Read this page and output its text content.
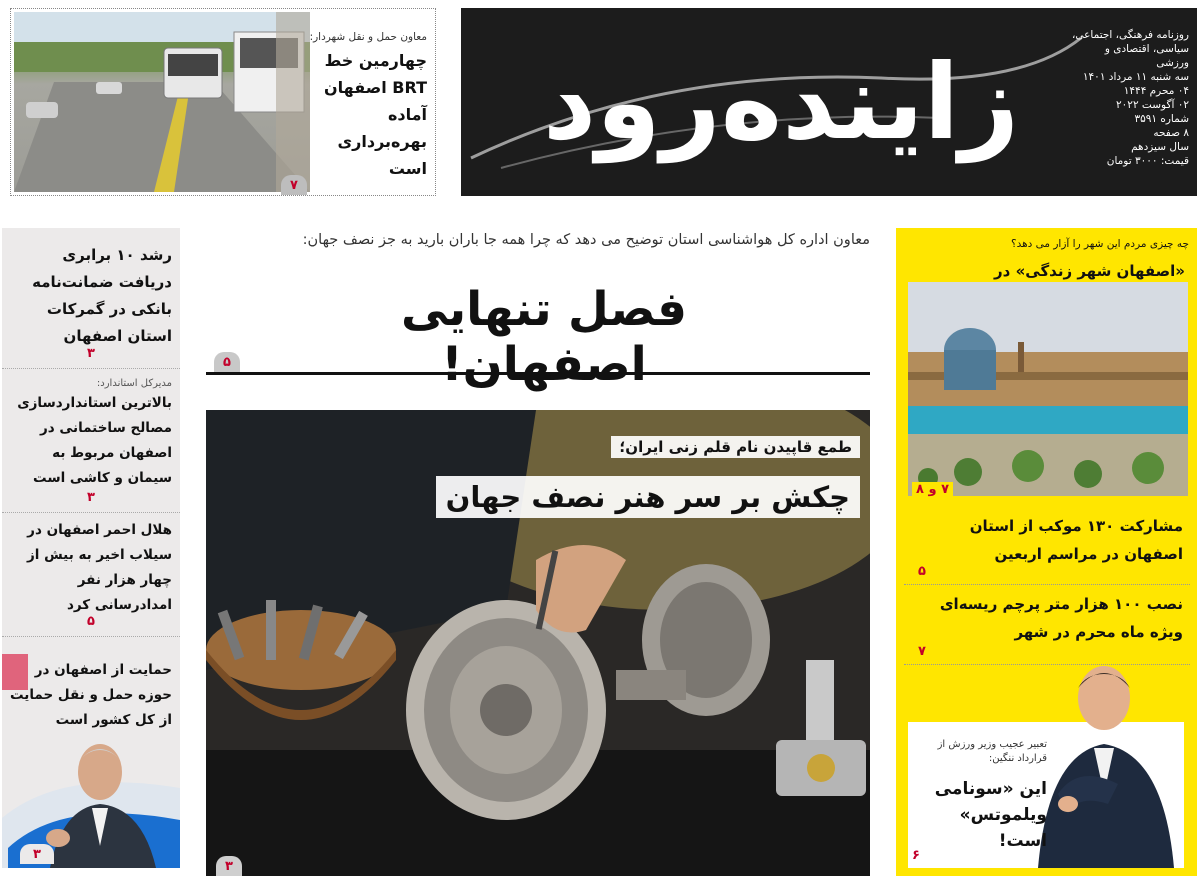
زاینده‌رود
روزنامه فرهنگی، اجتماعی،
سیاسی، اقتصادی و ورزشی
سه شنبه ۱۱ مرداد ۱۴۰۱
۰۴ محرم ۱۴۴۴
۰۲ آگوست ۲۰۲۲
شماره ۳۵۹۱
۸ صفحه
سال سیزدهم
قیمت: ۳۰۰۰ تومان
معاون حمل و نقل شهردار:
چهارمین خط BRT اصفهان آماده بهره‌برداری است
۷
رشد ۱۰ برابری دریافت ضمانت‌نامه بانکی در گمرکات استان اصفهان
۳
مدیرکل استاندارد:
بالاترین استانداردسازی مصالح ساختمانی در اصفهان مربوط به سیمان و کاشی است
۳
هلال احمر اصفهان در سیلاب اخیر به بیش از چهار هزار نفر امدادرسانی کرد
۵
حمایت از اصفهان در حوزه حمل و نقل حمایت از کل کشور است
۳
معاون اداره کل هواشناسی استان توضیح می دهد که چرا همه جا باران بارید به جز نصف جهان:
فصل تنهایی اصفهان!
۵
طمع قاپیدن نام قلم زنی ایران؛
چکش بر سر هنر نصف جهان
۳
چه چیزی مردم این شهر را آزار می دهد؟
«اصفهان شهر زندگی» در
۷ و ۸
مشارکت ۱۳۰ موکب از استان اصفهان در مراسم اربعین
۵
نصب ۱۰۰ هزار متر پرچم ریسه‌ای ویژه ماه محرم در شهر
۷
تعبیر عجیب وزیر ورزش از قرارداد ننگین:
این «سونامی ویلموتس» است!
۶
